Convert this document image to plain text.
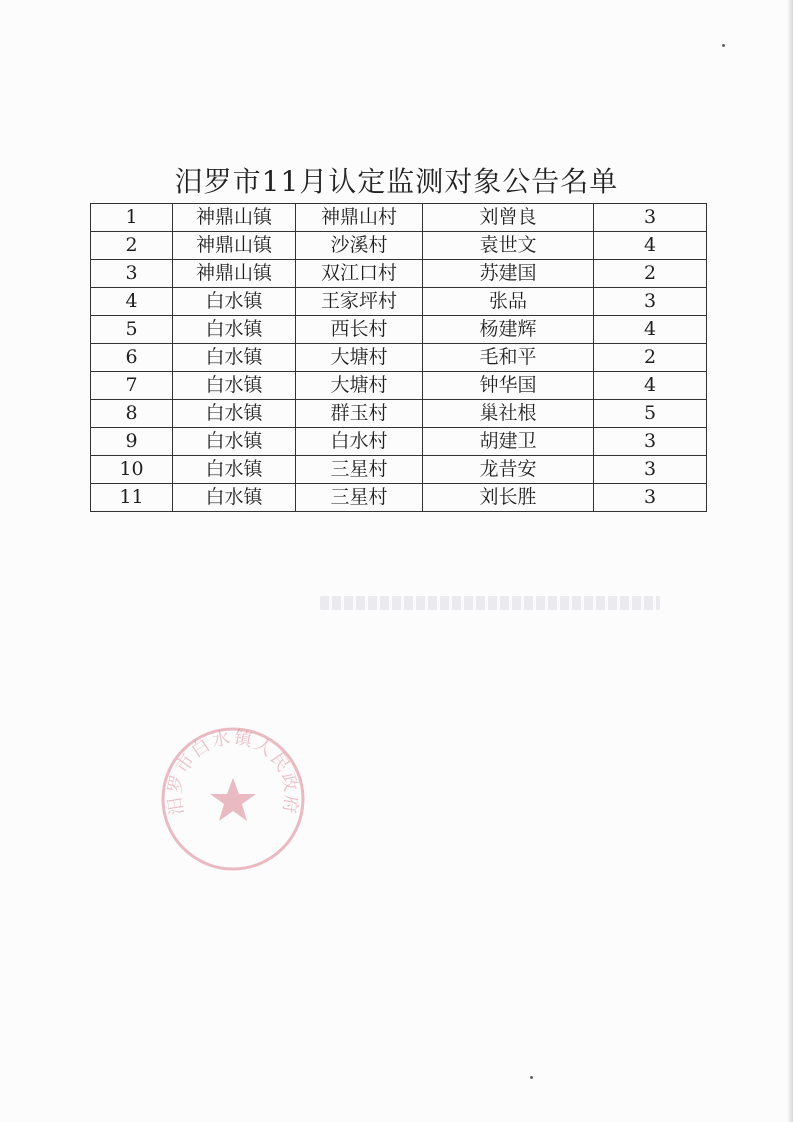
汨罗市11月认定监测对象公告名单
1	神鼎山镇	神鼎山村	刘曾良	3
2	神鼎山镇	沙溪村	袁世文	4
3	神鼎山镇	双江口村	苏建国	2
4	白水镇	王家坪村	张品	3
5	白水镇	西长村	杨建辉	4
6	白水镇	大塘村	毛和平	2
7	白水镇	大塘村	钟华国	4
8	白水镇	群玉村	巢社根	5
9	白水镇	白水村	胡建卫	3
10	白水镇	三星村	龙昔安	3
11	白水镇	三星村	刘长胜	3
汨罗市白水镇人民政府
